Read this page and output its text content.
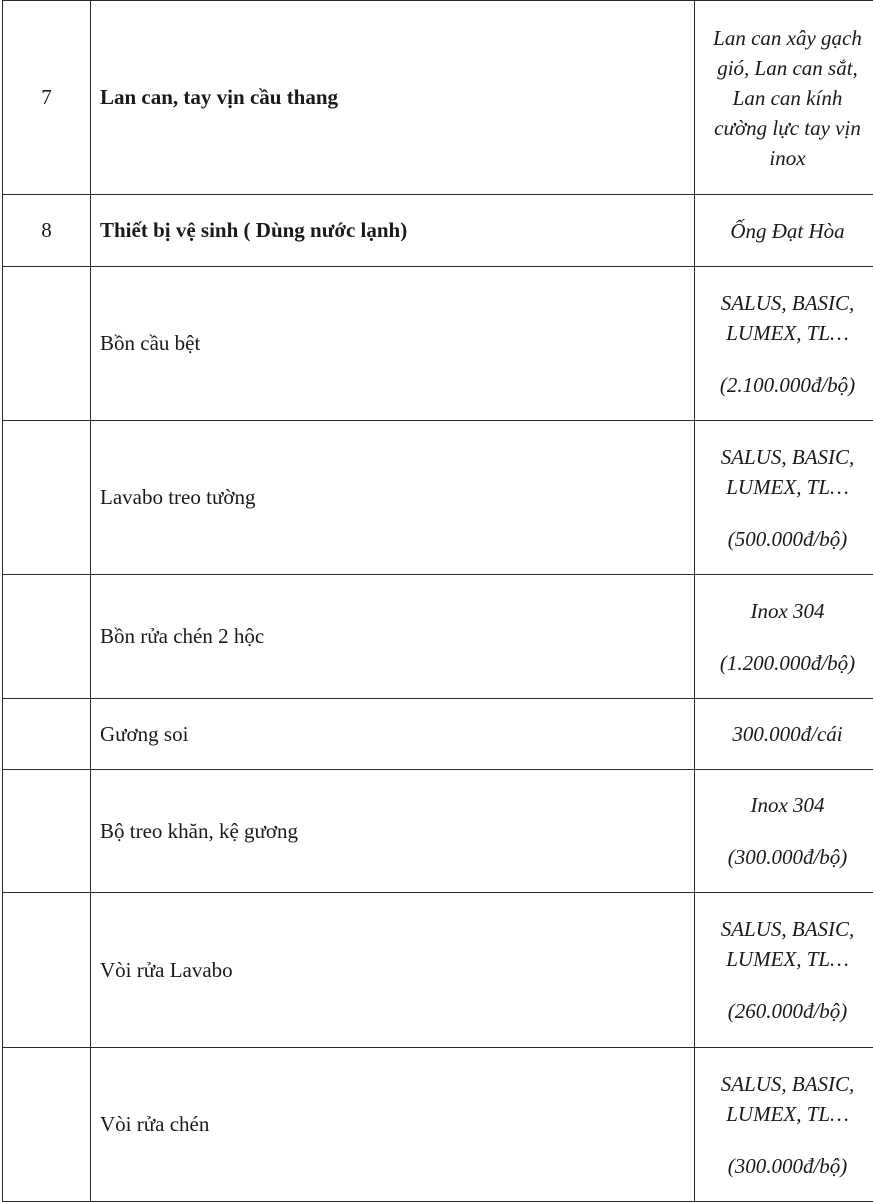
7	Lan can, tay vịn cầu thang	Lan can xây gạch
gió, Lan can sắt,
Lan can kính
cường lực tay vịn
inox

8	Thiết bị vệ sinh ( Dùng nước lạnh)	Ống Đạt Hòa

	Bồn cầu bệt	SALUS, BASIC,
LUMEX, TL…
(2.100.000đ/bộ)

	Lavabo treo tường	SALUS, BASIC,
LUMEX, TL…
(500.000đ/bộ)

	Bồn rửa chén 2 hộc	Inox 304
(1.200.000đ/bộ)

	Gương soi	300.000đ/cái

	Bộ treo khăn, kệ gương	Inox 304
(300.000đ/bộ)

	Vòi rửa Lavabo	SALUS, BASIC,
LUMEX, TL…
(260.000đ/bộ)

	Vòi rửa chén	SALUS, BASIC,
LUMEX, TL…
(300.000đ/bộ)
